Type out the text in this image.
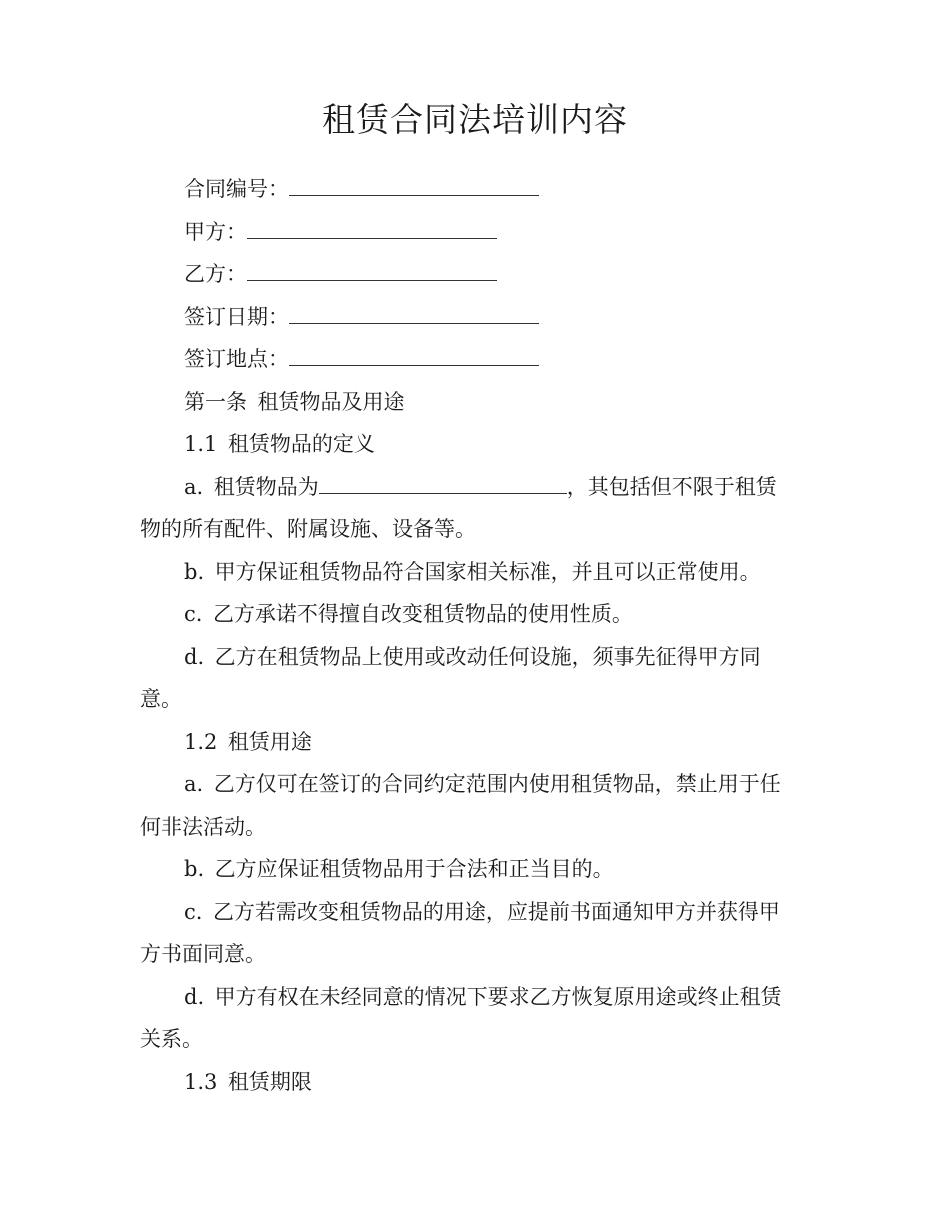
租赁合同法培训内容
合同编号：
甲方：
乙方：
签订日期：
签订地点：
第一条 租赁物品及用途
1.1 租赁物品的定义
a. 租赁物品为	，其包括但不限于租赁
物的所有配件、附属设施、设备等。
b. 甲方保证租赁物品符合国家相关标准，并且可以正常使用。
c. 乙方承诺不得擅自改变租赁物品的使用性质。
d. 乙方在租赁物品上使用或改动任何设施，须事先征得甲方同
意。
1.2 租赁用途
a. 乙方仅可在签订的合同约定范围内使用租赁物品，禁止用于任
何非法活动。
b. 乙方应保证租赁物品用于合法和正当目的。
c. 乙方若需改变租赁物品的用途，应提前书面通知甲方并获得甲
方书面同意。
d. 甲方有权在未经同意的情况下要求乙方恢复原用途或终止租赁
关系。
1.3 租赁期限
